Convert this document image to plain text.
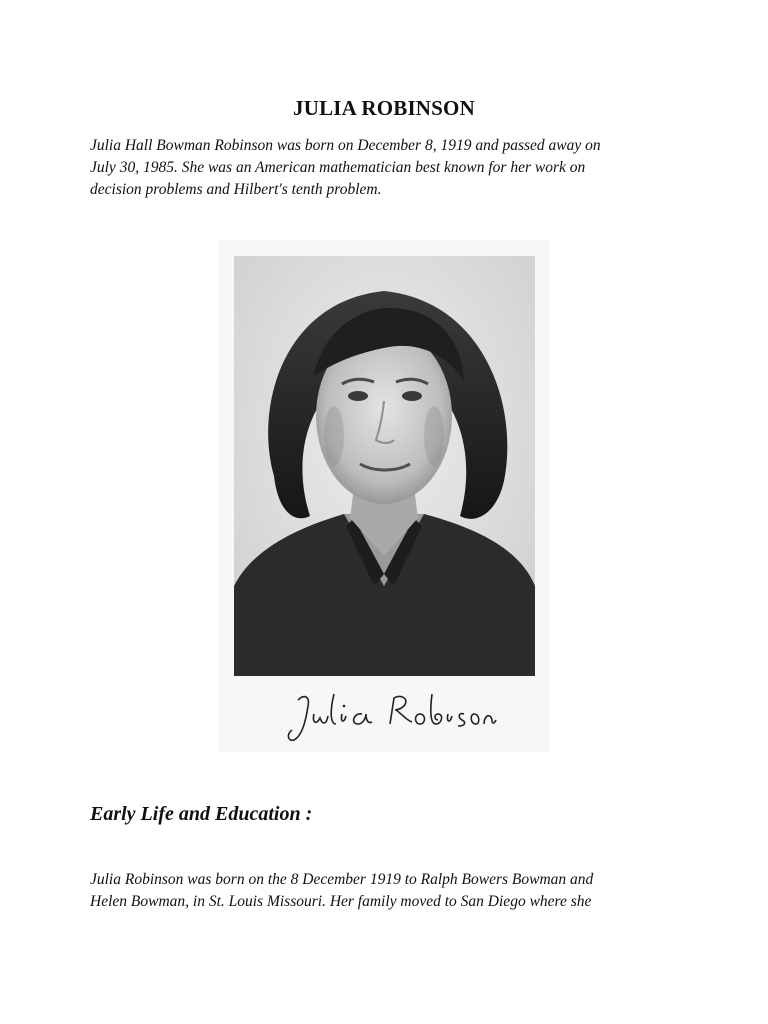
JULIA ROBINSON
Julia Hall Bowman Robinson was born on December 8, 1919 and passed away on
July 30, 1985. She was an American mathematician best known for her work on
decision problems and Hilbert's tenth problem.
Early Life and Education :
Julia Robinson was born on the 8 December 1919 to Ralph Bowers Bowman and
Helen Bowman, in St. Louis Missouri. Her family moved to San Diego where she
